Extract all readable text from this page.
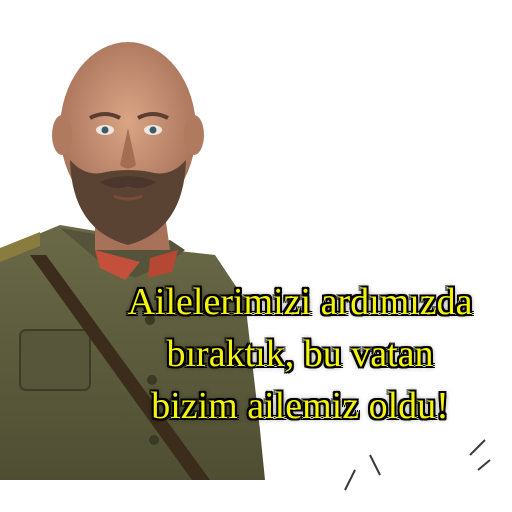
Ailelerimizi ardımızda
bıraktık, bu vatan
bizim ailemiz oldu!
